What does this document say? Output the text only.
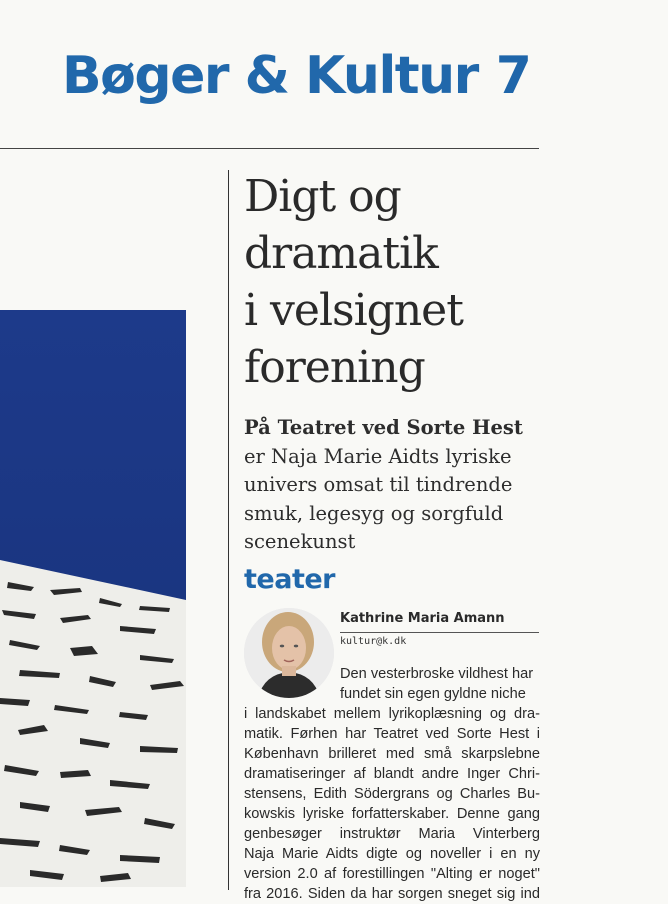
Bøger & Kultur 7
Digt og
dramatik
i velsignet
forening
På Teatret ved Sorte Hest
er Naja Marie Aidts lyriske
univers omsat til tindrende
smuk, legesyg og sorgfuld
scenekunst
teater
Kathrine Maria Amann
kultur@k.dk
Den vesterbroske vildhest har
fundet sin egen gyldne niche
i landskabet mellem lyrikoplæsning og dra-
matik. Førhen har Teatret ved Sorte Hest i
København brilleret med små skarpslebne
dramatiseringer af blandt andre Inger Chri-
stensens, Edith Södergrans og Charles Bu-
kowskis lyriske forfatterskaber. Denne gang
genbesøger instruktør Maria Vinterberg
Naja Marie Aidts digte og noveller i en ny
version 2.0 af forestillingen "Alting er noget"
fra 2016. Siden da har sorgen sneget sig ind
